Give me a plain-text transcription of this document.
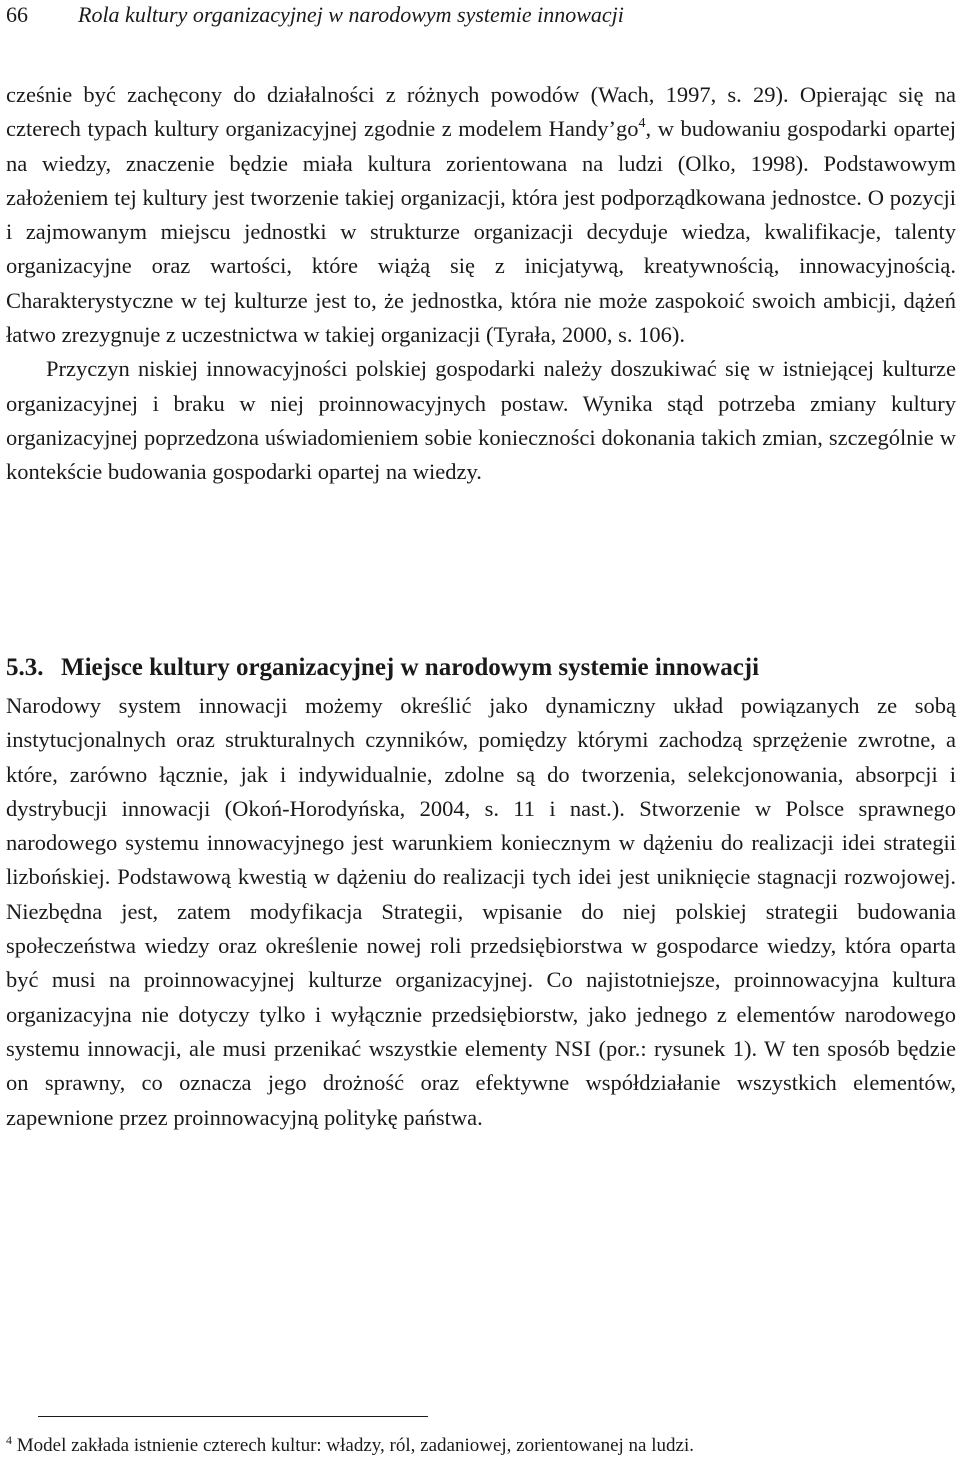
66 Rola kultury organizacyjnej w narodowym systemie innowacji

cześnie być zachęcony do działalności z różnych powodów (Wach, 1997, s. 29). Opierając się na czterech typach kultury organizacyjnej zgodnie z modelem $Handy’go^4$, w budowaniu gospodarki opartej na wiedzy, znaczenie będzie miała kultura zorientowana na ludzi (Olko, 1998). Podstawowym założeniem tej kultury jest tworzenie takiej organizacji, która jest podporządkowana jednostce. O pozycji i zajmowanym miejscu jednostki w strukturze organizacji decyduje wiedza, kwalifikacje, talenty organizacyjne oraz wartości, które wiążą się z inicjatywą, kreatywnością, innowacyjnością. Charakterystyczne w tej kulturze jest to, że jednostka, która nie może zaspokoić swoich ambicji, dążeń łatwo zrezygnuje z uczestnictwa w takiej organizacji (Tyrała, 2000, s. 106).

Przyczyn niskiej innowacyjności polskiej gospodarki należy doszukiwać się w istniejącej kulturze organizacyjnej i braku w niej proinnowacyjnych postaw. Wynika stąd potrzeba zmiany kultury organizacyjnej poprzedzona uświadomieniem sobie konieczności dokonania takich zmian, szczególnie w kontekście budowania gospodarki opartej na wiedzy.

5.3. Miejsce kultury organizacyjnej w narodowym systemie innowacji

Narodowy system innowacji możemy określić jako dynamiczny układ powiązanych ze sobą instytucjonalnych oraz strukturalnych czynników, pomiędzy którymi zachodzą sprzężenie zwrotne, a które, zarówno łącznie, jak i indywidualnie, zdolne są do tworzenia, selekcjonowania, absorpcji i dystrybucji innowacji (Okoń-Horodyńska, 2004, s. 11 i nast.). Stworzenie w Polsce sprawnego narodowego systemu innowacyjnego jest warunkiem koniecznym w dążeniu do realizacji idei strategii lizbońskiej. Podstawową kwestią w dążeniu do realizacji tych idei jest uniknięcie stagnacji rozwojowej. Niezbędna jest, zatem modyfikacja Strategii, wpisanie do niej polskiej strategii budowania społeczeństwa wiedzy oraz określenie nowej roli przedsiębiorstwa w gospodarce wiedzy, która oparta być musi na proinnowacyjnej kulturze organizacyjnej. Co najistotniejsze, proinnowacyjna kultura organizacyjna nie dotyczy tylko i wyłącznie przedsiębiorstw, jako jednego z elementów narodowego systemu innowacji, ale musi przenikać wszystkie elementy NSI (por.: rysunek 1). W ten sposób będzie on sprawny, co oznacza jego drożność oraz efektywne współdziałanie wszystkich elementów, zapewnione przez proinnowacyjną politykę państwa.

$^4$ Model zakłada istnienie czterech kultur: władzy, ról, zadaniowej, zorientowanej na ludzi.
